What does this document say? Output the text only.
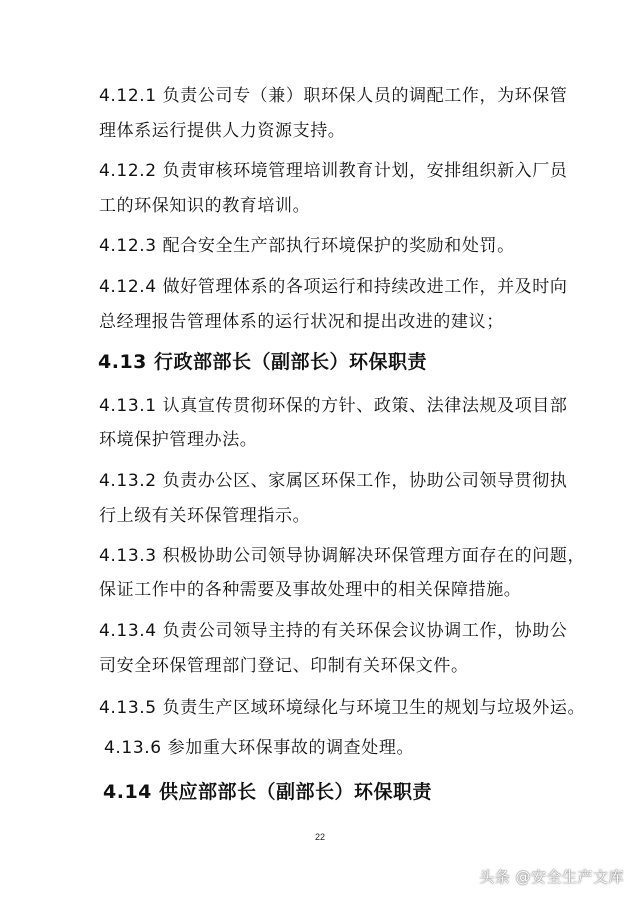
4.12.1 负责公司专（兼）职环保人员的调配工作，为环保管
理体系运行提供人力资源支持。
4.12.2 负责审核环境管理培训教育计划，安排组织新入厂员
工的环保知识的教育培训。
4.12.3 配合安全生产部执行环境保护的奖励和处罚。
4.12.4 做好管理体系的各项运行和持续改进工作，并及时向
总经理报告管理体系的运行状况和提出改进的建议；
4.13 行政部部长（副部长）环保职责
4.13.1 认真宣传贯彻环保的方针、政策、法律法规及项目部
环境保护管理办法。
4.13.2 负责办公区、家属区环保工作，协助公司领导贯彻执
行上级有关环保管理指示。
4.13.3 积极协助公司领导协调解决环保管理方面存在的问题，
保证工作中的各种需要及事故处理中的相关保障措施。
4.13.4 负责公司领导主持的有关环保会议协调工作，协助公
司安全环保管理部门登记、印制有关环保文件。
4.13.5 负责生产区域环境绿化与环境卫生的规划与垃圾外运。
4.13.6 参加重大环保事故的调查处理。
4.14 供应部部长（副部长）环保职责
22
头条 @安全生产文库
